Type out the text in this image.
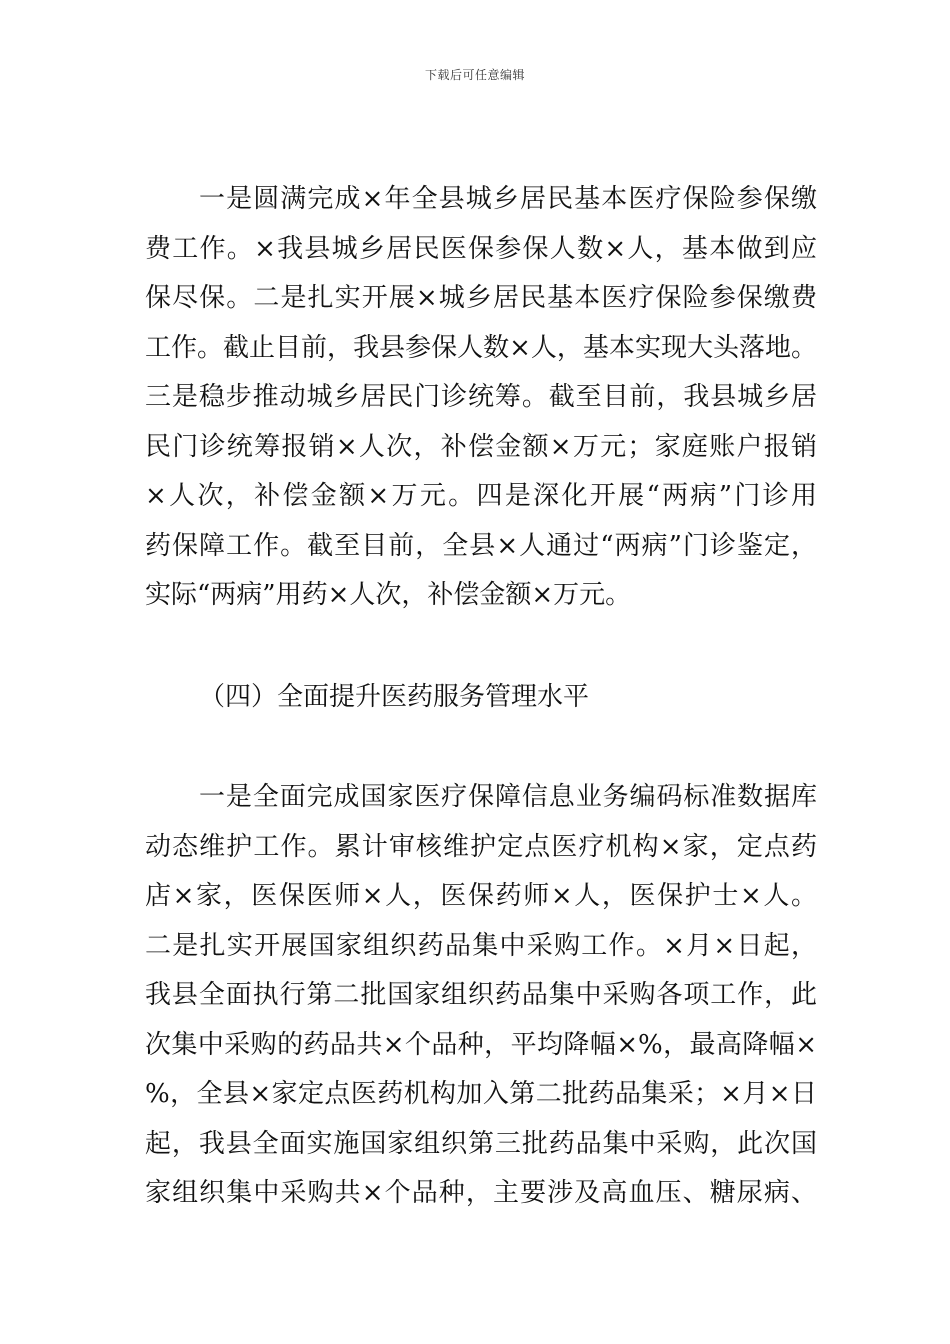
下载后可任意编辑
一是圆满完成×年全县城乡居民基本医疗保险参保缴
费工作。×我县城乡居民医保参保人数×人，基本做到应
保尽保。二是扎实开展×城乡居民基本医疗保险参保缴费
工作。截止目前，我县参保人数×人，基本实现大头落地。
三是稳步推动城乡居民门诊统筹。截至目前，我县城乡居
民门诊统筹报销×人次，补偿金额×万元；家庭账户报销
×人次，补偿金额×万元。四是深化开展“两病”门诊用
药保障工作。截至目前，全县×人通过“两病”门诊鉴定，
实际“两病”用药×人次，补偿金额×万元。
（四）全面提升医药服务管理水平
一是全面完成国家医疗保障信息业务编码标准数据库
动态维护工作。累计审核维护定点医疗机构×家，定点药
店×家，医保医师×人，医保药师×人，医保护士×人。
二是扎实开展国家组织药品集中采购工作。×月×日起，
我县全面执行第二批国家组织药品集中采购各项工作，此
次集中采购的药品共×个品种，平均降幅×%，最高降幅×
%，全县×家定点医药机构加入第二批药品集采；×月×日
起，我县全面实施国家组织第三批药品集中采购，此次国
家组织集中采购共×个品种，主要涉及高血压、糖尿病、
